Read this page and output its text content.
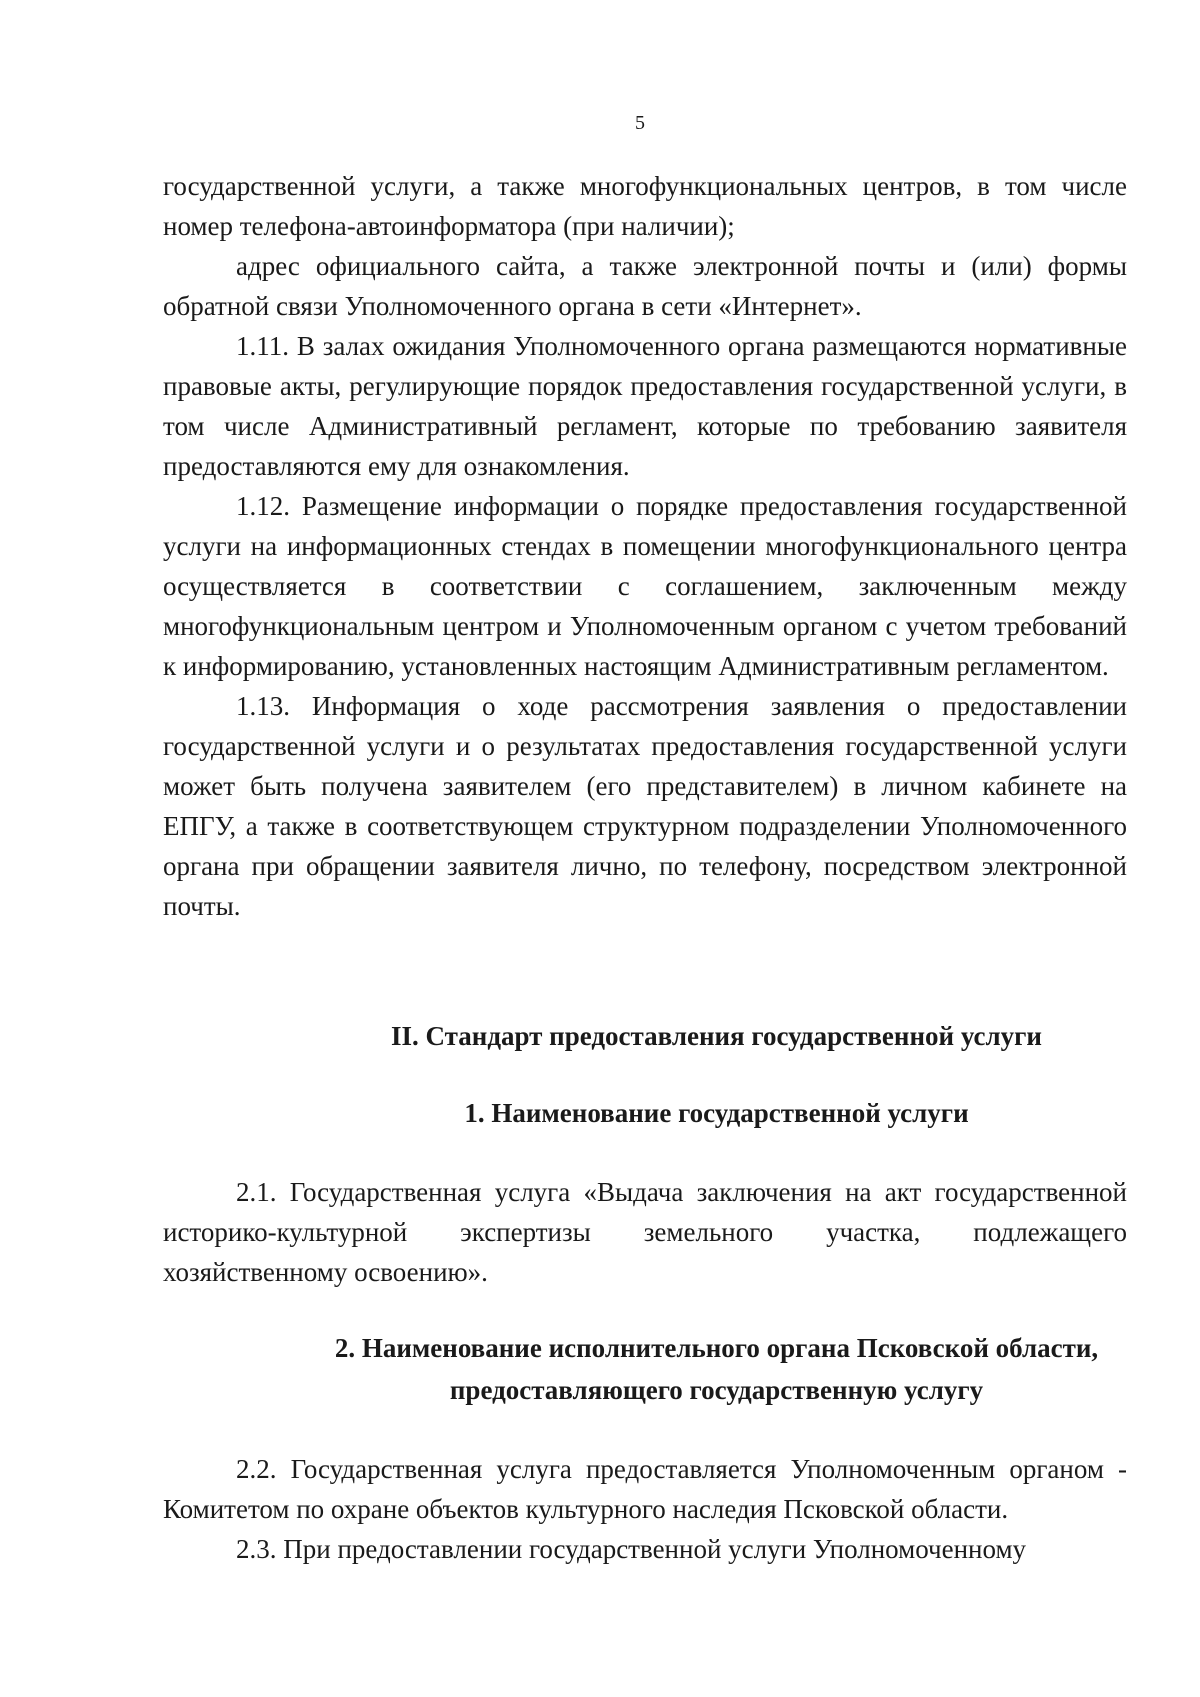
5

государственной услуги, а также многофункциональных центров, в том числе номер телефона-автоинформатора (при наличии);

адрес официального сайта, а также электронной почты и (или) формы обратной связи Уполномоченного органа в сети «Интернет».

1.11. В залах ожидания Уполномоченного органа размещаются нормативные правовые акты, регулирующие порядок предоставления государственной услуги, в том числе Административный регламент, которые по требованию заявителя предоставляются ему для ознакомления.

1.12. Размещение информации о порядке предоставления государственной услуги на информационных стендах в помещении многофункционального центра осуществляется в соответствии с соглашением, заключенным между многофункциональным центром и Уполномоченным органом с учетом требований к информированию, установленных настоящим Административным регламентом.

1.13. Информация о ходе рассмотрения заявления о предоставлении государственной услуги и о результатах предоставления государственной услуги может быть получена заявителем (его представителем) в личном кабинете на ЕПГУ, а также в соответствующем структурном подразделении Уполномоченного органа при обращении заявителя лично, по телефону, посредством электронной почты.

II. Стандарт предоставления государственной услуги
1. Наименование государственной услуги

2.1. Государственная услуга «Выдача заключения на акт государственной историко-культурной экспертизы земельного участка, подлежащего хозяйственному освоению».

2. Наименование исполнительного органа Псковской области,
предоставляющего государственную услугу

2.2. Государственная услуга предоставляется Уполномоченным органом - Комитетом по охране объектов культурного наследия Псковской области.

2.3. При предоставлении государственной услуги Уполномоченному
